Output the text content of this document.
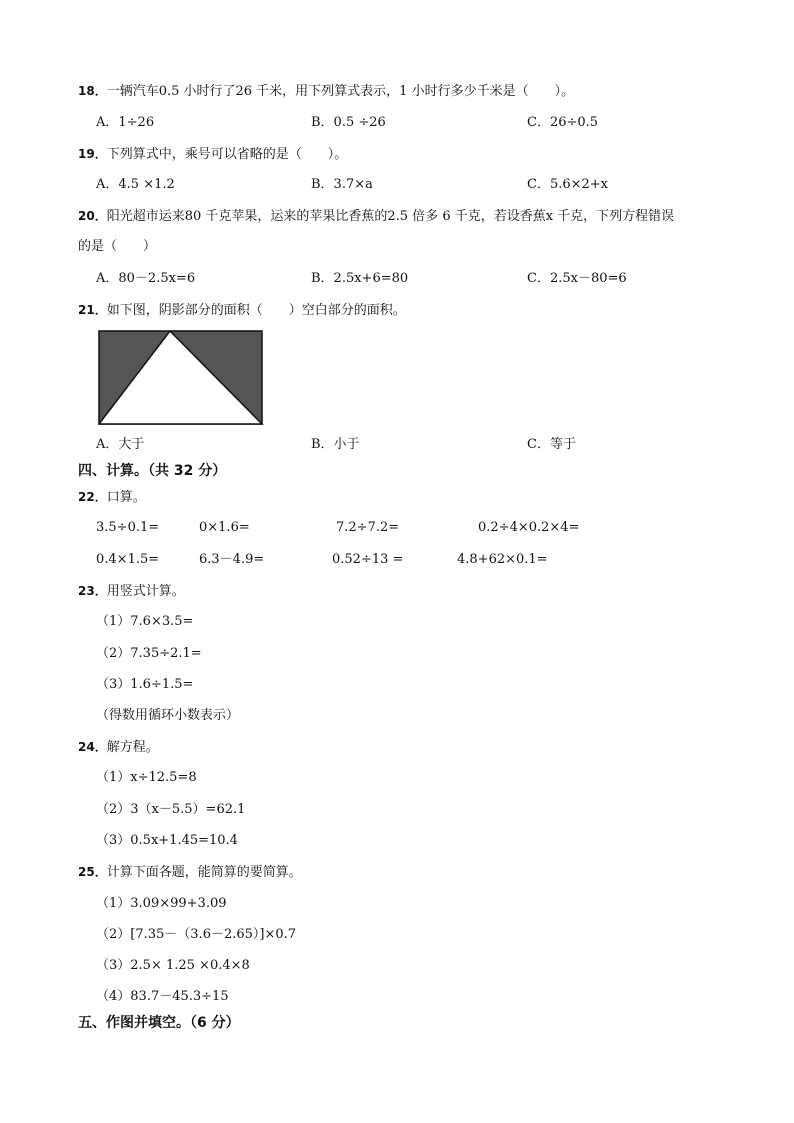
18．一辆汽车0.5 小时行了26 千米，用下列算式表示，1 小时行多少千米是（　　）。
A．1÷26	B．0.5 ÷26	C．26÷0.5
19．下列算式中，乘号可以省略的是（　　）。
A．4.5 ×1.2	B．3.7×a	C．5.6×2+x
20．阳光超市运来80 千克苹果，运来的苹果比香蕉的2.5 倍多 6 千克，若设香蕉x 千克，下列方程错误
的是（　　）
A．80－2.5x=6	B．2.5x+6=80	C．2.5x－80=6
21．如下图，阴影部分的面积（　　）空白部分的面积。
A．大于	B．小于	C．等于
四、计算。（共 32 分）
22．口算。
3.5÷0.1=	0×1.6=	7.2÷7.2=	0.2÷4×0.2×4=
0.4×1.5=	6.3－4.9=	0.52÷13 =	4.8+62×0.1=
23．用竖式计算。
（1）7.6×3.5=
（2）7.35÷2.1=
（3）1.6÷1.5=
（得数用循环小数表示）
24．解方程。
（1）x÷12.5=8
（2）3（x－5.5）=62.1
（3）0.5x+1.45=10.4
25．计算下面各题，能简算的要简算。
（1）3.09×99+3.09
（2）[7.35－（3.6－2.65）]×0.7
（3）2.5× 1.25 ×0.4×8
（4）83.7－45.3÷15
五、作图并填空。（6 分）
